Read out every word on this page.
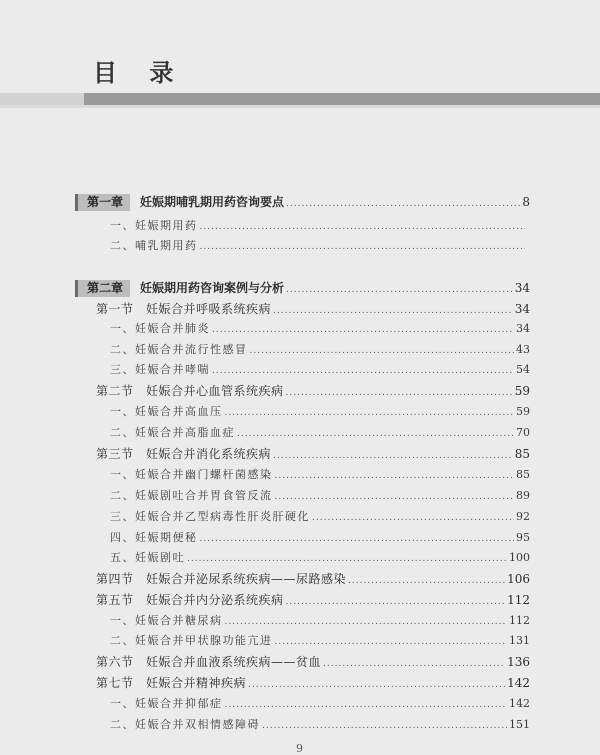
目 录
第一章	妊娠期哺乳期用药咨询要点 .....	8
一、妊娠期用药
.....
二、哺乳期用药
.....
第二章	妊娠期用药咨询案例与分析 .....	34
第一节　妊娠合并呼吸系统疾病 .....	34
一、妊娠合并肺炎 .....	34
二、妊娠合并流行性感冒 .....	43
三、妊娠合并哮喘 .....	54
第二节　妊娠合并心血管系统疾病 .....	59
一、妊娠合并高血压 .....	59
二、妊娠合并高脂血症 .....	70
第三节　妊娠合并消化系统疾病 .....	85
一、妊娠合并幽门螺杆菌感染 .....	85
二、妊娠剧吐合并胃食管反流 .....	89
三、妊娠合并乙型病毒性肝炎肝硬化 .....	92
四、妊娠期便秘 .....	95
五、妊娠剧吐 .....	100
第四节　妊娠合并泌尿系统疾病——尿路感染 .....	106
第五节　妊娠合并内分泌系统疾病 .....	112
一、妊娠合并糖尿病 .....	112
二、妊娠合并甲状腺功能亢进 .....	131
第六节　妊娠合并血液系统疾病——贫血 .....	136
第七节　妊娠合并精神疾病 .....	142
一、妊娠合并抑郁症 .....	142
二、妊娠合并双相情感障碍 .....	151
9
